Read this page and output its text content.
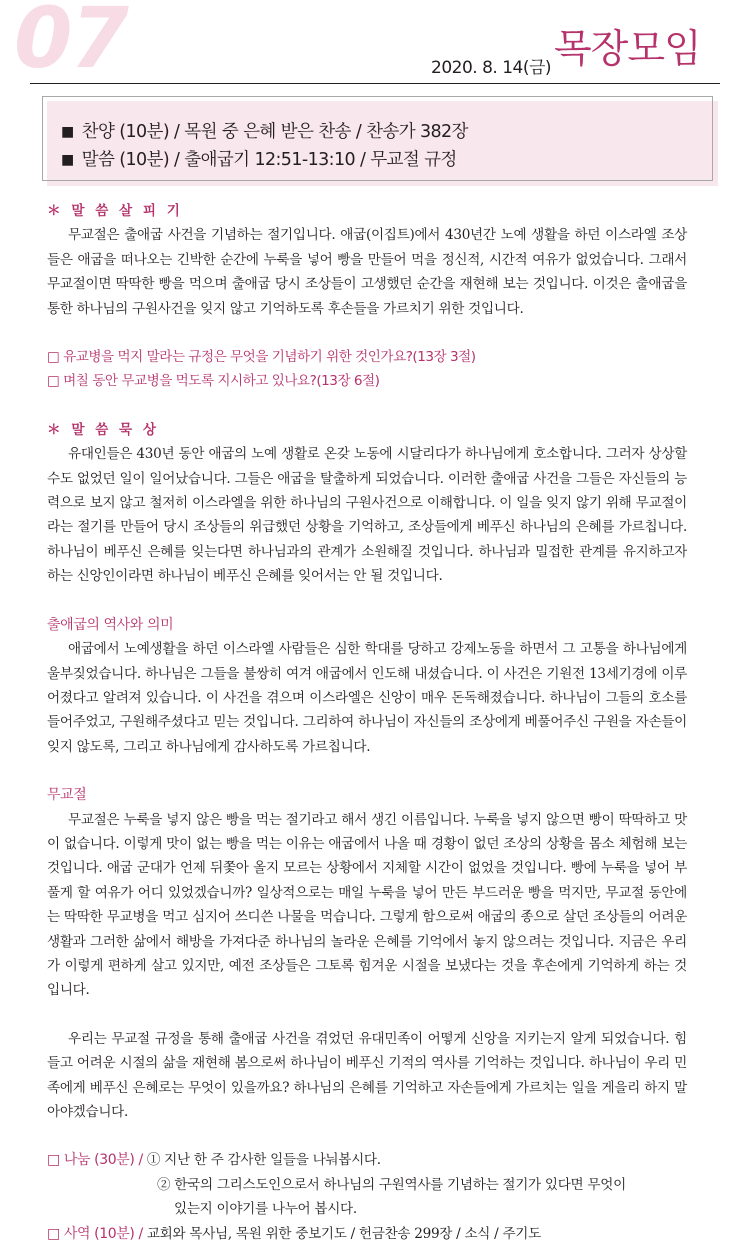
07	2020. 8. 14(금) 목장모임
■ 찬양 (10분) / 목원 중 은혜 받은 찬송 / 찬송가 382장
■ 말씀 (10분) / 출애굽기 12:51-13:10 / 무교절 규정
＊ 말 씀 살 피 기

무교절은 출애굽 사건을 기념하는 절기입니다. 애굽(이집트)에서 430년간 노예 생활을 하던 이스라엘 조상들은 애굽을 떠나오는 긴박한 순간에 누룩을 넣어 빵을 만들어 먹을 정신적, 시간적 여유가 없었습니다. 그래서 무교절이면 딱딱한 빵을 먹으며 출애굽 당시 조상들이 고생했던 순간을 재현해 보는 것입니다. 이것은 출애굽을 통한 하나님의 구원사건을 잊지 않고 기억하도록 후손들을 가르치기 위한 것입니다.

□ 유교병을 먹지 말라는 규정은 무엇을 기념하기 위한 것인가요?(13장 3절)
□ 며칠 동안 무교병을 먹도록 지시하고 있나요?(13장 6절)
＊ 말 씀 묵 상

유대인들은 430년 동안 애굽의 노예 생활로 온갖 노동에 시달리다가 하나님에게 호소합니다. 그러자 상상할 수도 없었던 일이 일어났습니다. 그들은 애굽을 탈출하게 되었습니다. 이러한 출애굽 사건을 그들은 자신들의 능력으로 보지 않고 철저히 이스라엘을 위한 하나님의 구원사건으로 이해합니다. 이 일을 잊지 않기 위해 무교절이라는 절기를 만들어 당시 조상들의 위급했던 상황을 기억하고, 조상들에게 베푸신 하나님의 은혜를 가르칩니다. 하나님이 베푸신 은혜를 잊는다면 하나님과의 관계가 소원해질 것입니다. 하나님과 밀접한 관계를 유지하고자 하는 신앙인이라면 하나님이 베푸신 은혜를 잊어서는 안 될 것입니다.

출애굽의 역사와 의미

애굽에서 노예생활을 하던 이스라엘 사람들은 심한 학대를 당하고 강제노동을 하면서 그 고통을 하나님에게 울부짖었습니다. 하나님은 그들을 불쌍히 여겨 애굽에서 인도해 내셨습니다. 이 사건은 기원전 13세기경에 이루어졌다고 알려져 있습니다. 이 사건을 겪으며 이스라엘은 신앙이 매우 돈독해졌습니다. 하나님이 그들의 호소를 들어주었고, 구원해주셨다고 믿는 것입니다. 그리하여 하나님이 자신들의 조상에게 베풀어주신 구원을 자손들이 잊지 않도록, 그리고 하나님에게 감사하도록 가르칩니다.

무교절

무교절은 누룩을 넣지 않은 빵을 먹는 절기라고 해서 생긴 이름입니다. 누룩을 넣지 않으면 빵이 딱딱하고 맛이 없습니다. 이렇게 맛이 없는 빵을 먹는 이유는 애굽에서 나올 때 경황이 없던 조상의 상황을 몸소 체험해 보는 것입니다. 애굽 군대가 언제 뒤쫓아 올지 모르는 상황에서 지체할 시간이 없었을 것입니다. 빵에 누룩을 넣어 부풀게 할 여유가 어디 있었겠습니까? 일상적으로는 매일 누룩을 넣어 만든 부드러운 빵을 먹지만, 무교절 동안에는 딱딱한 무교병을 먹고 심지어 쓰디쓴 나물을 먹습니다. 그렇게 함으로써 애굽의 종으로 살던 조상들의 어려운 생활과 그러한 삶에서 해방을 가져다준 하나님의 놀라운 은혜를 기억에서 놓지 않으려는 것입니다. 지금은 우리가 이렇게 편하게 살고 있지만, 예전 조상들은 그토록 힘겨운 시절을 보냈다는 것을 후손에게 기억하게 하는 것입니다.

우리는 무교절 규정을 통해 출애굽 사건을 겪었던 유대민족이 어떻게 신앙을 지키는지 알게 되었습니다. 힘들고 어려운 시절의 삶을 재현해 봄으로써 하나님이 베푸신 기적의 역사를 기억하는 것입니다. 하나님이 우리 민족에게 베푸신 은혜로는 무엇이 있을까요? 하나님의 은혜를 기억하고 자손들에게 가르치는 일을 게을리 하지 말아야겠습니다.

□ 나눔 (30분) / ① 지난 한 주 감사한 일들을 나눠봅시다.
② 한국의 그리스도인으로서 하나님의 구원역사를 기념하는 절기가 있다면 무엇이
있는지 이야기를 나누어 봅시다.
□ 사역 (10분) / 교회와 목사님, 목원 위한 중보기도 / 헌금찬송 299장 / 소식 / 주기도
